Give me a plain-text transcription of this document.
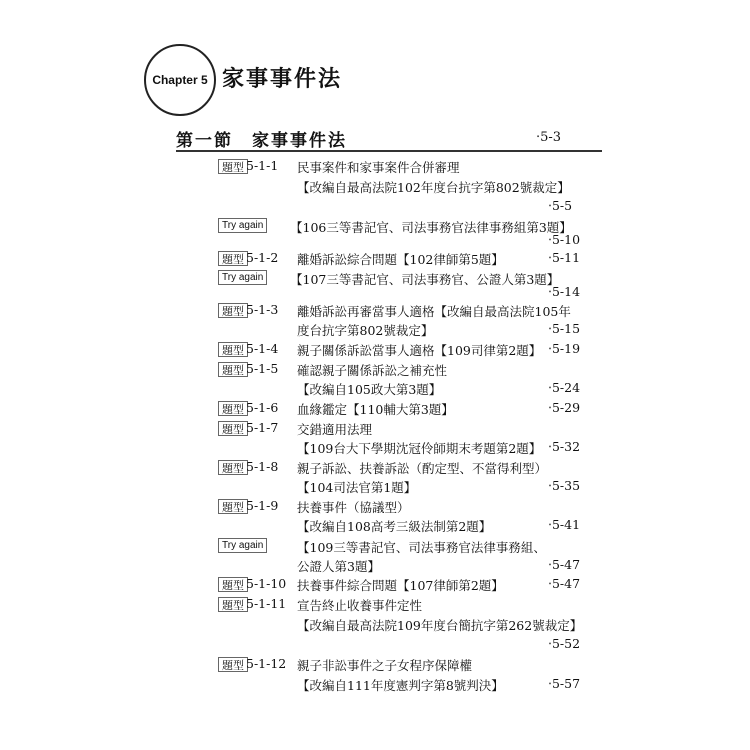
Chapter 5 家事事件法
第一節　家事事件法	‧5-3
題型 5-1-1 民事案件和家事案件合併審理
【改編自最高法院102年度台抗字第802號裁定】
‧5-5
Try again	【106三等書記官、司法事務官法律事務組第3題】
‧5-10
題型 5-1-2 離婚訴訟綜合問題【102律師第5題】	‧5-11
Try again	【107三等書記官、司法事務官、公證人第3題】
‧5-14
題型 5-1-3 離婚訴訟再審當事人適格【改編自最高法院105年
度台抗字第802號裁定】	‧5-15
題型 5-1-4 親子關係訴訟當事人適格【109司律第2題】 ‧5-19
題型 5-1-5 確認親子關係訴訟之補充性
【改編自105政大第3題】	‧5-24
題型 5-1-6 血緣鑑定【110輔大第3題】	‧5-29
題型 5-1-7 交錯適用法理
【109台大下學期沈冠伶師期末考題第2題】 ‧5-32
題型 5-1-8 親子訴訟、扶養訴訟（酌定型、不當得利型）
【104司法官第1題】	‧5-35
題型 5-1-9 扶養事件（協議型）
【改編自108高考三級法制第2題】	‧5-41
Try again	【109三等書記官、司法事務官法律事務組、
公證人第3題】	‧5-47
題型 5-1-10 扶養事件綜合問題【107律師第2題】	‧5-47
題型 5-1-11 宣告終止收養事件定性
【改編自最高法院109年度台簡抗字第262號裁定】
‧5-52
題型 5-1-12 親子非訟事件之子女程序保障權
【改編自111年度憲判字第8號判決】	‧5-57
